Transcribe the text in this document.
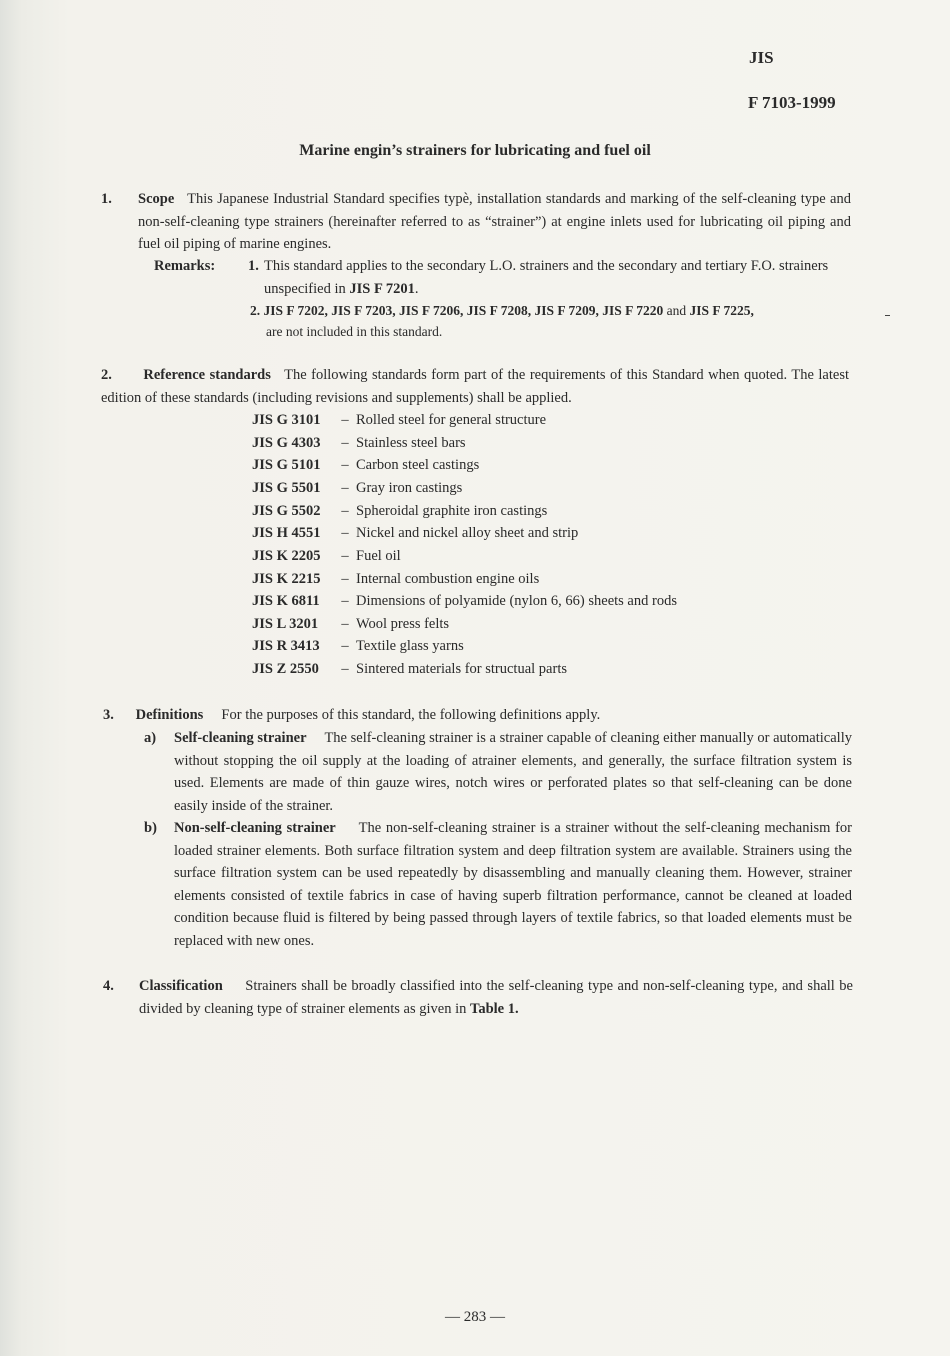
JIS
F 7103-1999
Marine engin’s strainers for lubricating and fuel oil
1. Scope This Japanese Industrial Standard specifies typè, installation standards and marking of the self-cleaning type and non-self-cleaning type strainers (hereinafter referred to as “strainer”) at engine inlets used for lubricating oil piping and fuel oil piping of marine engines.
Remarks: 1. This standard applies to the secondary L.O. strainers and the secondary and tertiary F.O. strainers unspecified in JIS F 7201.
2. JIS F 7202, JIS F 7203, JIS F 7206, JIS F 7208, JIS F 7209, JIS F 7220 and JIS F 7225,
are not included in this standard.
2. Reference standards The following standards form part of the requirements of this Standard when quoted. The latest edition of these standards (including revisions and supplements) shall be applied.
JIS G 3101 – Rolled steel for general structure
JIS G 4303 – Stainless steel bars
JIS G 5101 – Carbon steel castings
JIS G 5501 – Gray iron castings
JIS G 5502 – Spheroidal graphite iron castings
JIS H 4551 – Nickel and nickel alloy sheet and strip
JIS K 2205 – Fuel oil
JIS K 2215 – Internal combustion engine oils
JIS K 6811 – Dimensions of polyamide (nylon 6, 66) sheets and rods
JIS L 3201 – Wool press felts
JIS R 3413 – Textile glass yarns
JIS Z 2550 – Sintered materials for structual parts
3. Definitions For the purposes of this standard, the following definitions apply.
a) Self-cleaning strainer The self-cleaning strainer is a strainer capable of cleaning either manually or automatically without stopping the oil supply at the loading of atrainer elements, and generally, the surface filtration system is used. Elements are made of thin gauze wires, notch wires or perforated plates so that self-cleaning can be done easily inside of the strainer.
b) Non-self-cleaning strainer The non-self-cleaning strainer is a strainer without the self-cleaning mechanism for loaded strainer elements. Both surface filtration system and deep filtration system are available. Strainers using the surface filtration system can be used repeatedly by disassembling and manually cleaning them. However, strainer elements consisted of textile fabrics in case of having superb filtration performance, cannot be cleaned at loaded condition because fluid is filtered by being passed through layers of textile fabrics, so that loaded elements must be replaced with new ones.
4. Classification Strainers shall be broadly classified into the self-cleaning type and non-self-cleaning type, and shall be divided by cleaning type of strainer elements as given in Table 1.
— 283 —
